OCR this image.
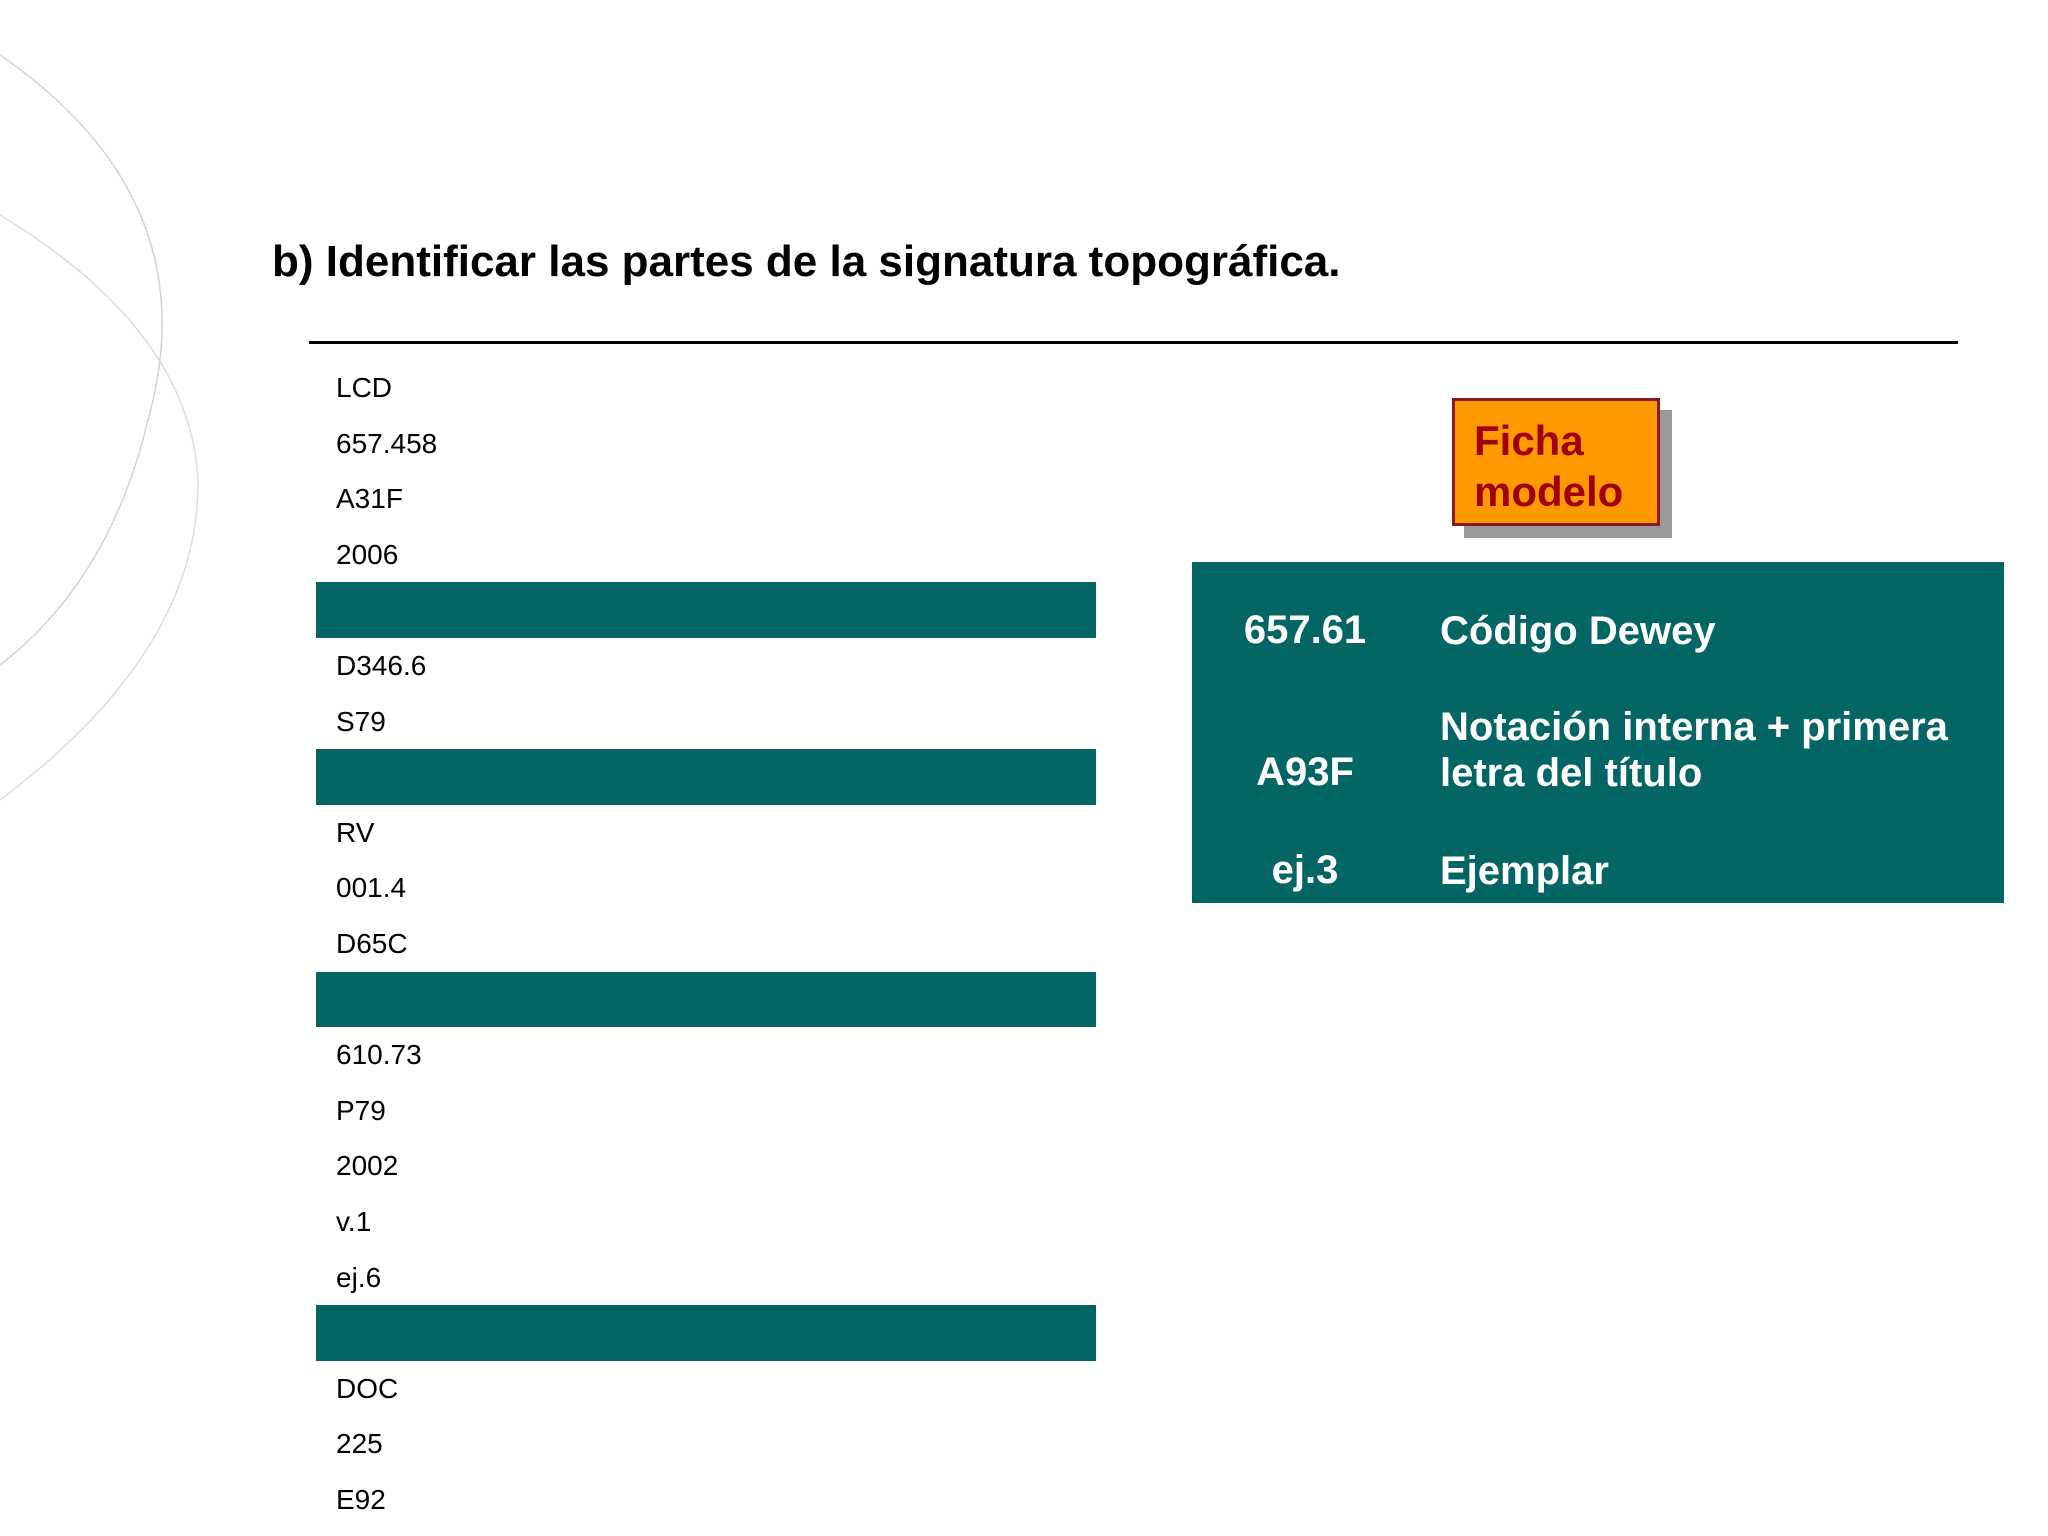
b) Identificar las partes de la signatura topográfica.
LCD
657.458
A31F
2006
D346.6
S79
RV
001.4
D65C
610.73
P79
2002
v.1
ej.6
DOC
225
E92
Ficha
modelo
657.61	Código Dewey
A93F
Notación interna + primera letra del título
ej.3	Ejemplar
